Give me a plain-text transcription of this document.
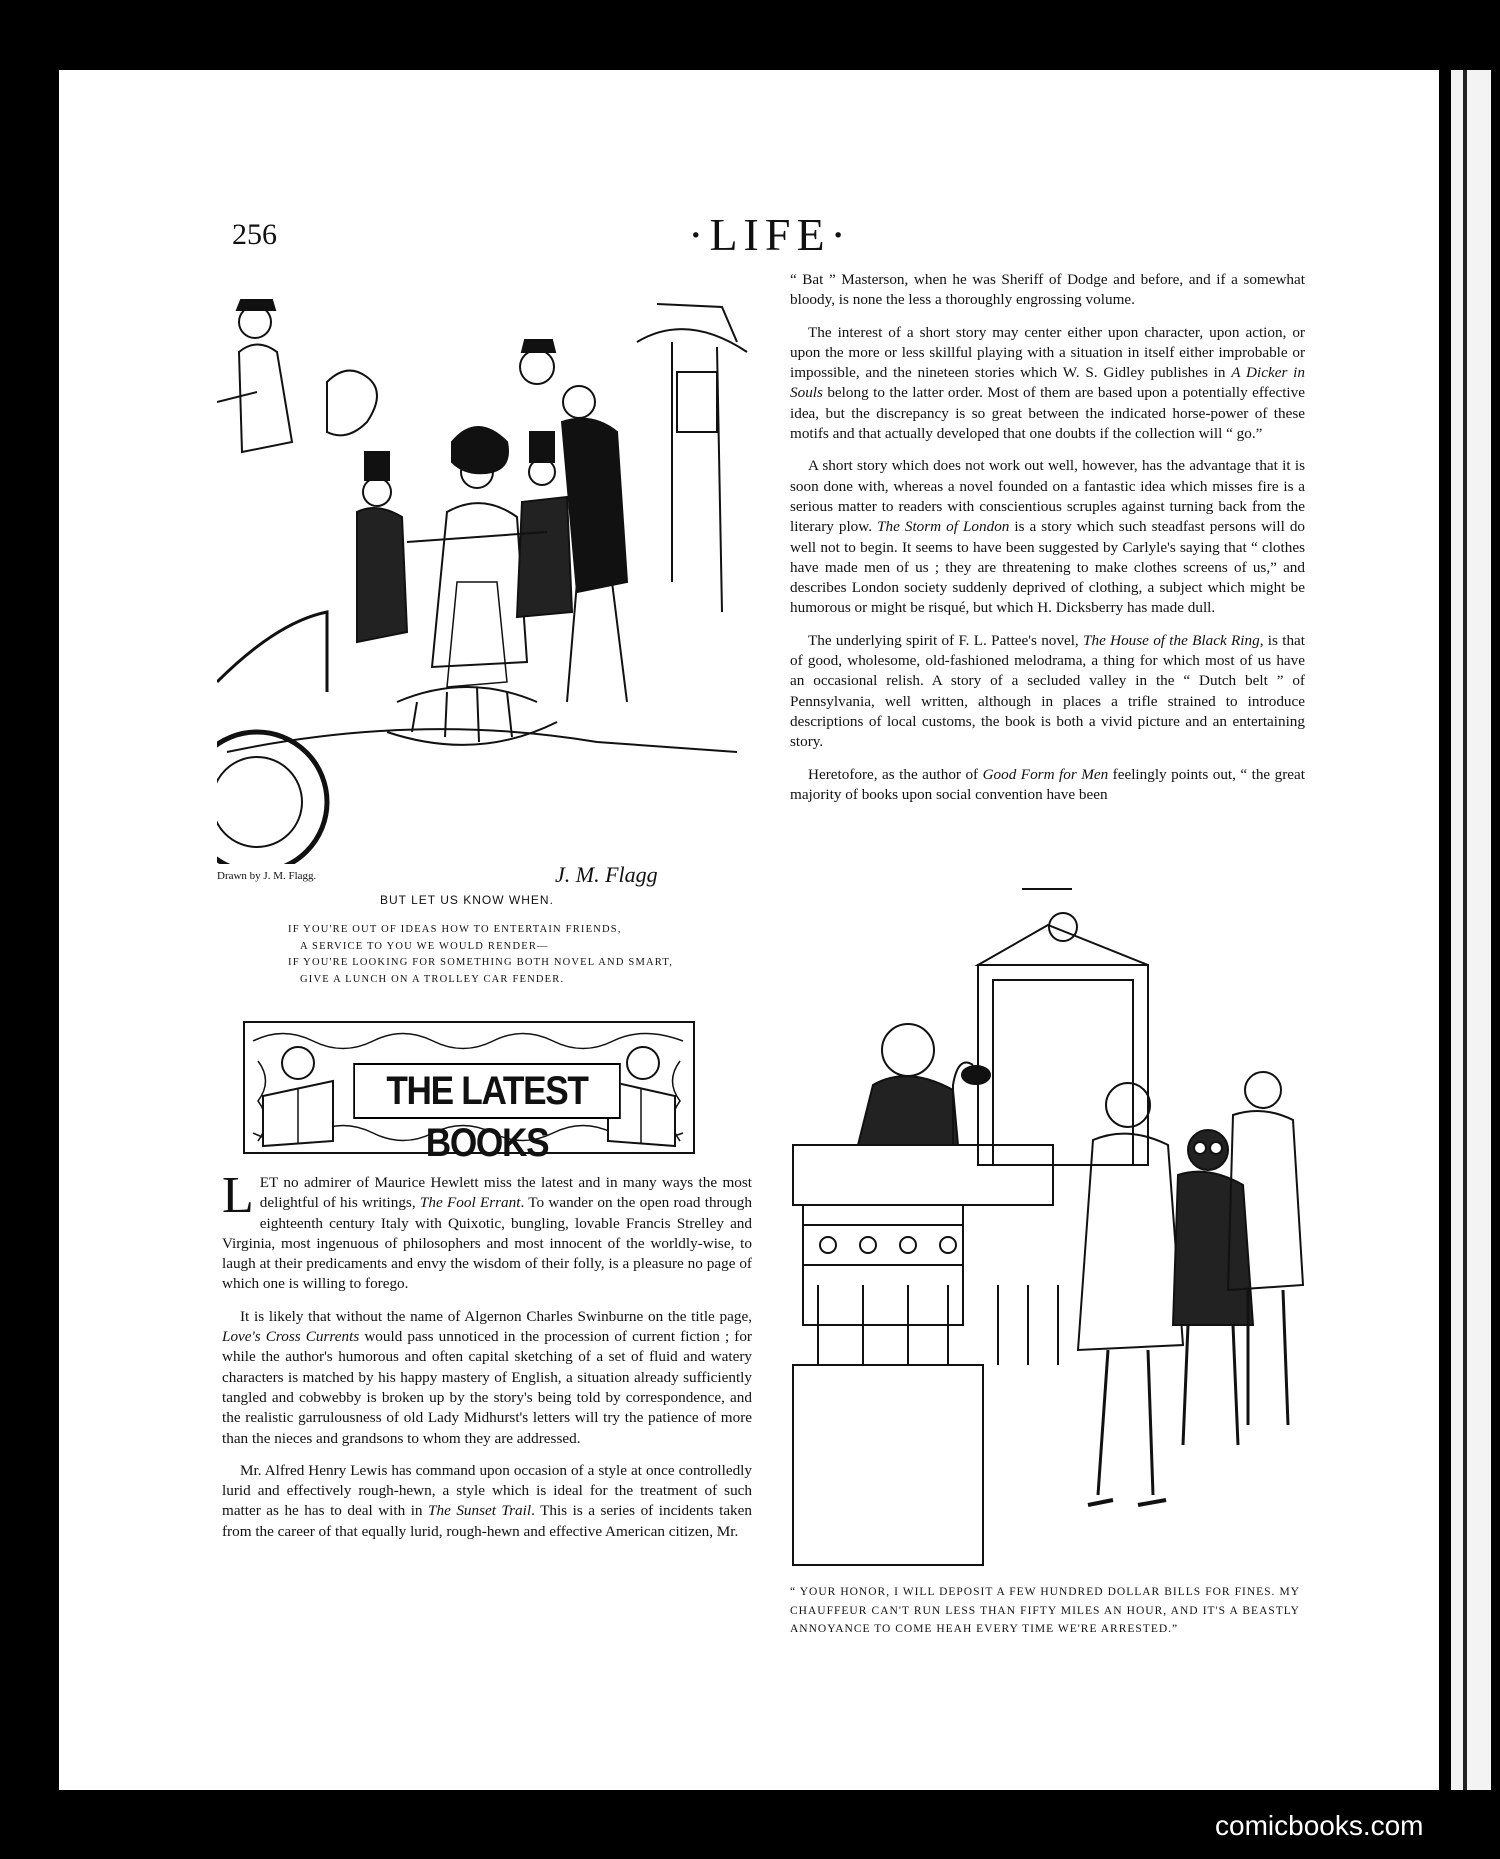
256	·LIFE·
Drawn by J. M. Flagg.	J. M. Flagg
BUT LET US KNOW WHEN.
IF YOU'RE OUT OF IDEAS HOW TO ENTERTAIN FRIENDS,
A SERVICE TO YOU WE WOULD RENDER—
IF YOU'RE LOOKING FOR SOMETHING BOTH NOVEL AND SMART,
GIVE A LUNCH ON A TROLLEY CAR FENDER.

“ Bat ” Masterson, when he was Sheriff of Dodge and before, and if a somewhat bloody, is none the less a thoroughly engrossing volume.

The interest of a short story may center either upon character, upon action, or upon the more or less skillful playing with a situation in itself either improbable or impossible, and the nineteen stories which W. S. Gidley publishes in A Dicker in Souls belong to the latter order. Most of them are based upon a potentially effective idea, but the discrepancy is so great between the indicated horse-power of these motifs and that actually developed that one doubts if the collection will “ go.”

A short story which does not work out well, however, has the advantage that it is soon done with, whereas a novel founded on a fantastic idea which misses fire is a serious matter to readers with conscientious scruples against turning back from the literary plow. The Storm of London is a story which such steadfast persons will do well not to begin. It seems to have been suggested by Carlyle's saying that “ clothes have made men of us ; they are threatening to make clothes screens of us,” and describes London society suddenly deprived of clothing, a subject which might be humorous or might be risqué, but which H. Dicksberry has made dull.

The underlying spirit of F. L. Pattee's novel, The House of the Black Ring, is that of good, wholesome, old-fashioned melodrama, a thing for which most of us have an occasional relish. A story of a secluded valley in the “ Dutch belt ” of Pennsylvania, well written, although in places a trifle strained to introduce descriptions of local customs, the book is both a vivid picture and an entertaining story.

Heretofore, as the author of Good Form for Men feelingly points out, “ the great majority of books upon social convention have been

THE LATEST BOOKS

LET no admirer of Maurice Hewlett miss the latest and in many ways the most delightful of his writings, The Fool Errant. To wander on the open road through eighteenth century Italy with Quixotic, bungling, lovable Francis Strelley and Virginia, most ingenuous of philosophers and most innocent of the worldly-wise, to laugh at their predicaments and envy the wisdom of their folly, is a pleasure no page of which one is willing to forego.

It is likely that without the name of Algernon Charles Swinburne on the title page, Love's Cross Currents would pass unnoticed in the procession of current fiction ; for while the author's humorous and often capital sketching of a set of fluid and watery characters is matched by his happy mastery of English, a situation already sufficiently tangled and cobwebby is broken up by the story's being told by correspondence, and the realistic garrulousness of old Lady Midhurst's letters will try the patience of more than the nieces and grandsons to whom they are addressed.

Mr. Alfred Henry Lewis has command upon occasion of a style at once controlledly lurid and effectively rough-hewn, a style which is ideal for the treatment of such matter as he has to deal with in The Sunset Trail. This is a series of incidents taken from the career of that equally lurid, rough-hewn and effective American citizen, Mr.

“ YOUR HONOR, I WILL DEPOSIT A FEW HUNDRED DOLLAR BILLS FOR FINES. MY CHAUFFEUR CAN'T RUN LESS THAN FIFTY MILES AN HOUR, AND IT'S A BEASTLY ANNOYANCE TO COME HEAH EVERY TIME WE'RE ARRESTED.”
comicbooks.com
